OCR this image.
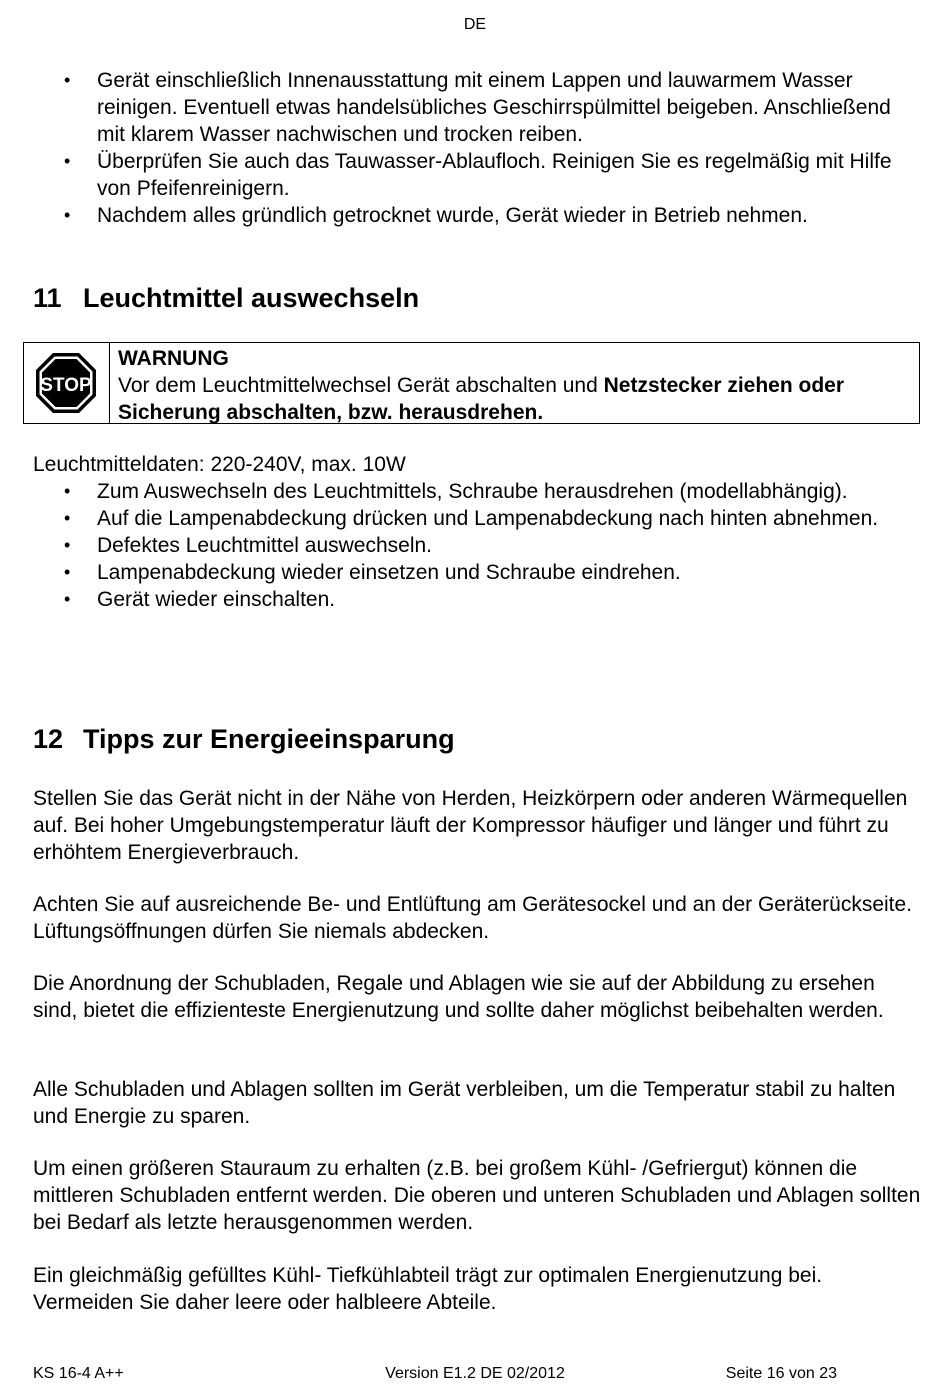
DE
• Gerät einschließlich Innenausstattung mit einem Lappen und lauwarmem Wasser reinigen. Eventuell etwas handelsübliches Geschirrspülmittel beigeben. Anschließend mit klarem Wasser nachwischen und trocken reiben.
• Überprüfen Sie auch das Tauwasser-Ablaufloch. Reinigen Sie es regelmäßig mit Hilfe von Pfeifenreinigern.
• Nachdem alles gründlich getrocknet wurde, Gerät wieder in Betrieb nehmen.
11 Leuchtmittel auswechseln
STOP
WARNUNG
Vor dem Leuchtmittelwechsel Gerät abschalten und Netzstecker ziehen oder Sicherung abschalten, bzw. herausdrehen.

Leuchtmitteldaten: 220-240V, max. 10W

• Zum Auswechseln des Leuchtmittels, Schraube herausdrehen (modellabhängig).
• Auf die Lampenabdeckung drücken und Lampenabdeckung nach hinten abnehmen.
• Defektes Leuchtmittel auswechseln.
• Lampenabdeckung wieder einsetzen und Schraube eindrehen.
• Gerät wieder einschalten.
12 Tipps zur Energieeinsparung

Stellen Sie das Gerät nicht in der Nähe von Herden, Heizkörpern oder anderen Wärmequellen auf. Bei hoher Umgebungstemperatur läuft der Kompressor häufiger und länger und führt zu erhöhtem Energieverbrauch.

Achten Sie auf ausreichende Be- und Entlüftung am Gerätesockel und an der Geräterückseite. Lüftungsöffnungen dürfen Sie niemals abdecken.

Die Anordnung der Schubladen, Regale und Ablagen wie sie auf der Abbildung zu ersehen sind, bietet die effizienteste Energienutzung und sollte daher möglichst beibehalten werden.

Alle Schubladen und Ablagen sollten im Gerät verbleiben, um die Temperatur stabil zu halten und Energie zu sparen.

Um einen größeren Stauraum zu erhalten (z.B. bei großem Kühl- /Gefriergut) können die mittleren Schubladen entfernt werden. Die oberen und unteren Schubladen und Ablagen sollten bei Bedarf als letzte herausgenommen werden.

Ein gleichmäßig gefülltes Kühl- Tiefkühlabteil trägt zur optimalen Energienutzung bei. Vermeiden Sie daher leere oder halbleere Abteile.

KS 16-4 A++	Version E1.2 DE 02/2012	Seite 16 von 23
